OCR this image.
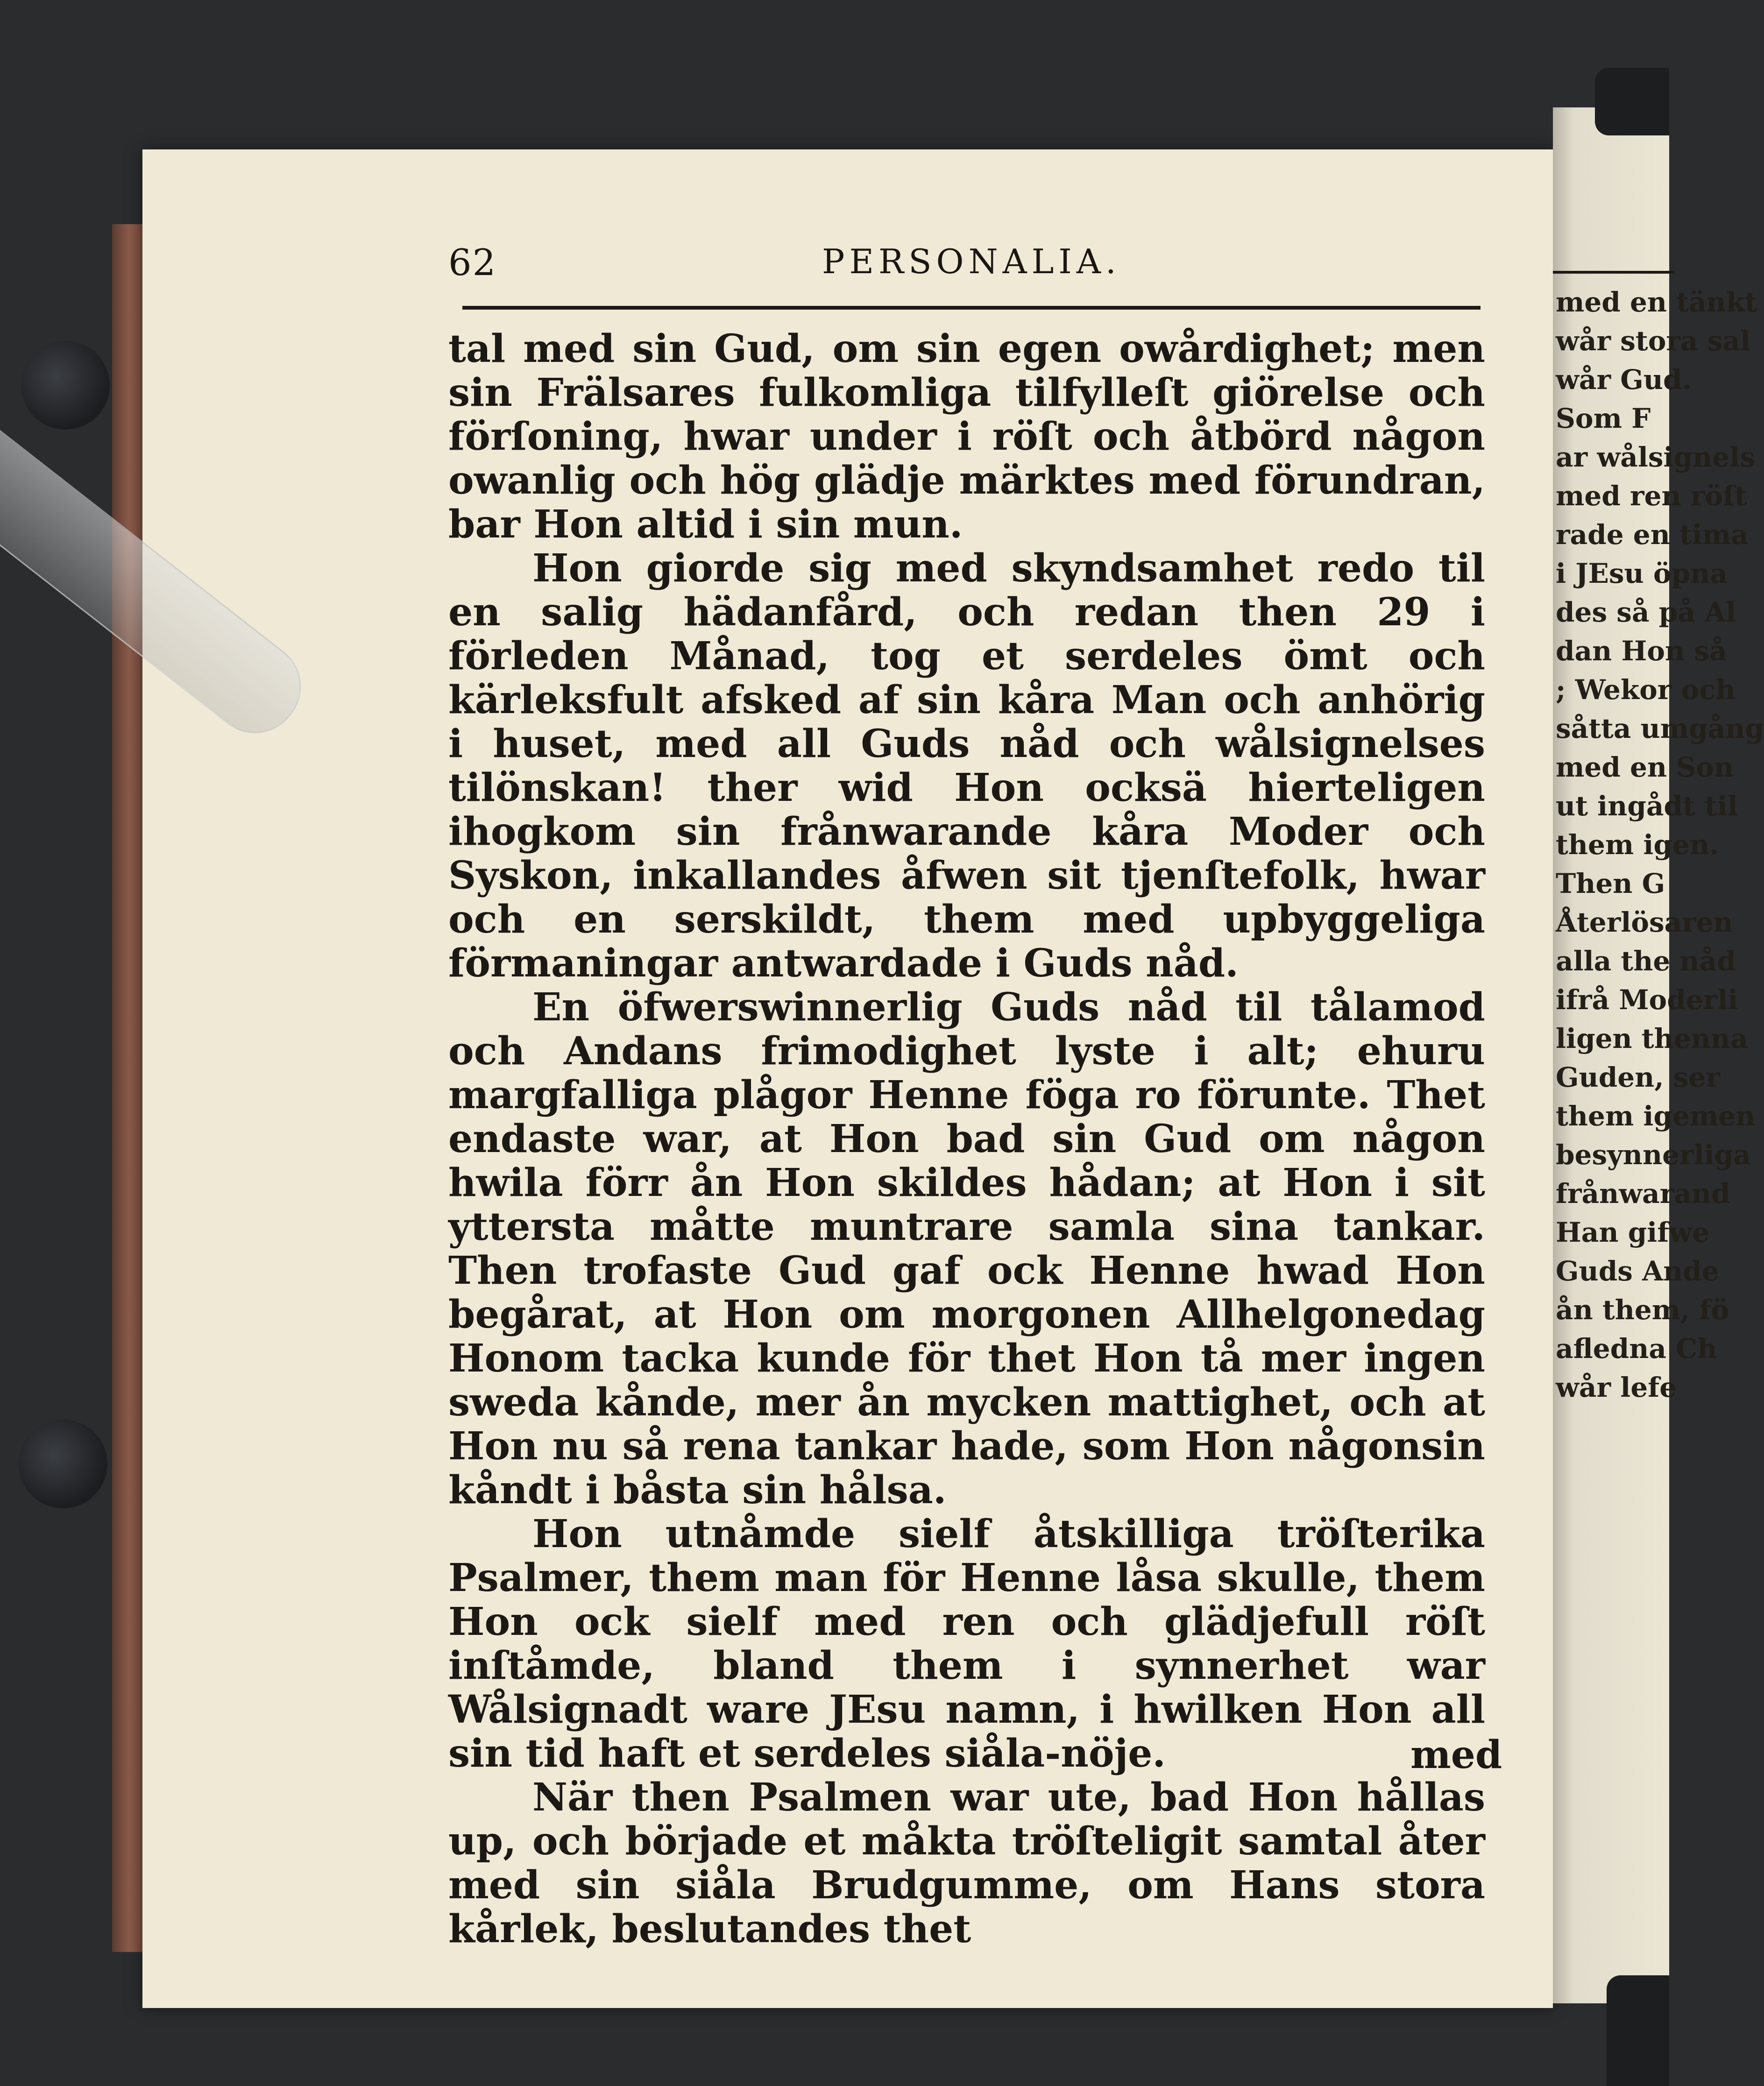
62	PERSONALIA.

tal med sin Gud, om sin egen owårdighet; men sin Frälsares fulkomliga tilfylleſt giörelse och förſoning, hwar under i röſt och åtbörd någon owanlig och hög glädje märktes med förundran, bar Hon altid i sin mun.

Hon giorde sig med skyndsamhet redo til en salig hädanfård, och redan then 29 i förleden Månad, tog et serdeles ömt och kärleksfult afsked af sin kåra Man och anhörig i huset, med all Guds nåd och wålsignelses tilönskan! ther wid Hon ocksä hierteligen ihogkom sin frånwarande kåra Moder och Syskon, inkallandes åfwen sit tjenſtefolk, hwar och en serskildt, them med upbyggeliga förmaningar antwardade i Guds nåd.

En öfwerswinnerlig Guds nåd til tålamod och Andans frimodighet lyste i alt; ehuru margfalliga plågor Henne föga ro förunte. Thet endaste war, at Hon bad sin Gud om någon hwila förr ån Hon skildes hådan; at Hon i sit yttersta måtte muntrare samla sina tankar. Then trofaste Gud gaf ock Henne hwad Hon begårat, at Hon om morgonen Allhelgonedag Honom tacka kunde för thet Hon tå mer ingen sweda kånde, mer ån mycken mattighet, och at Hon nu så rena tankar hade, som Hon någonsin kåndt i båsta sin hålsa.

Hon utnåmde sielf åtskilliga tröſterika Psalmer, them man för Henne låsa skulle, them Hon ock sielf med ren och glädjefull röſt inſtåmde, bland them i synnerhet war Wålsignadt ware JEsu namn, i hwilken Hon all sin tid haft et serdeles siåla-nöje.

När then Psalmen war ute, bad Hon hållas up, och började et måkta tröſteligit samtal åter med sin siåla Brudgumme, om Hans stora kårlek, beslutandes thet

med
med en tänkt
wår stora sal
wår Gud.
Som F
ar wålsignels
med ren röſt
rade en tima
i JEsu öpna
des så på Al
dan Hon så
; Wekor och
såtta umgång
med en Son
ut ingådt til
them igen.
Then G
Återlösaren
alla the nåd
ifrå Moderli
ligen thenna
Guden, ser
them igemen
besynnerliga
frånwarand
Han gifwe
Guds Ande
ån them, fö
afledna Ch
wår lefe
